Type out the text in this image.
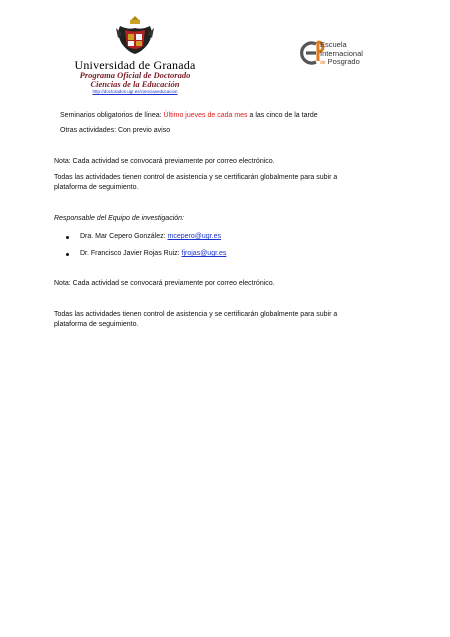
Universidad de Granada
Programa Oficial de Doctorado
Ciencias de la Educación
http://doctorados.ugr.es/cienciaseducacion
Escuela
Internacional
de Posgrado
Seminarios obligatorios de línea: Último jueves de cada mes a las cinco de la tarde
Otras actividades: Con previo aviso
Nota: Cada actividad se convocará previamente por correo electrónico.
Todas las actividades tienen control de asistencia y se certificarán globalmente para subir a
plataforma de seguimiento.
Responsable del Equipo de investigación:
Dra. Mar Cepero González: mcepero@ugr.es
Dr. Francisco Javier Rojas Ruiz: fjrojas@ugr.es
Nota: Cada actividad se convocará previamente por correo electrónico.
Todas las actividades tienen control de asistencia y se certificarán globalmente para subir a
plataforma de seguimiento.
